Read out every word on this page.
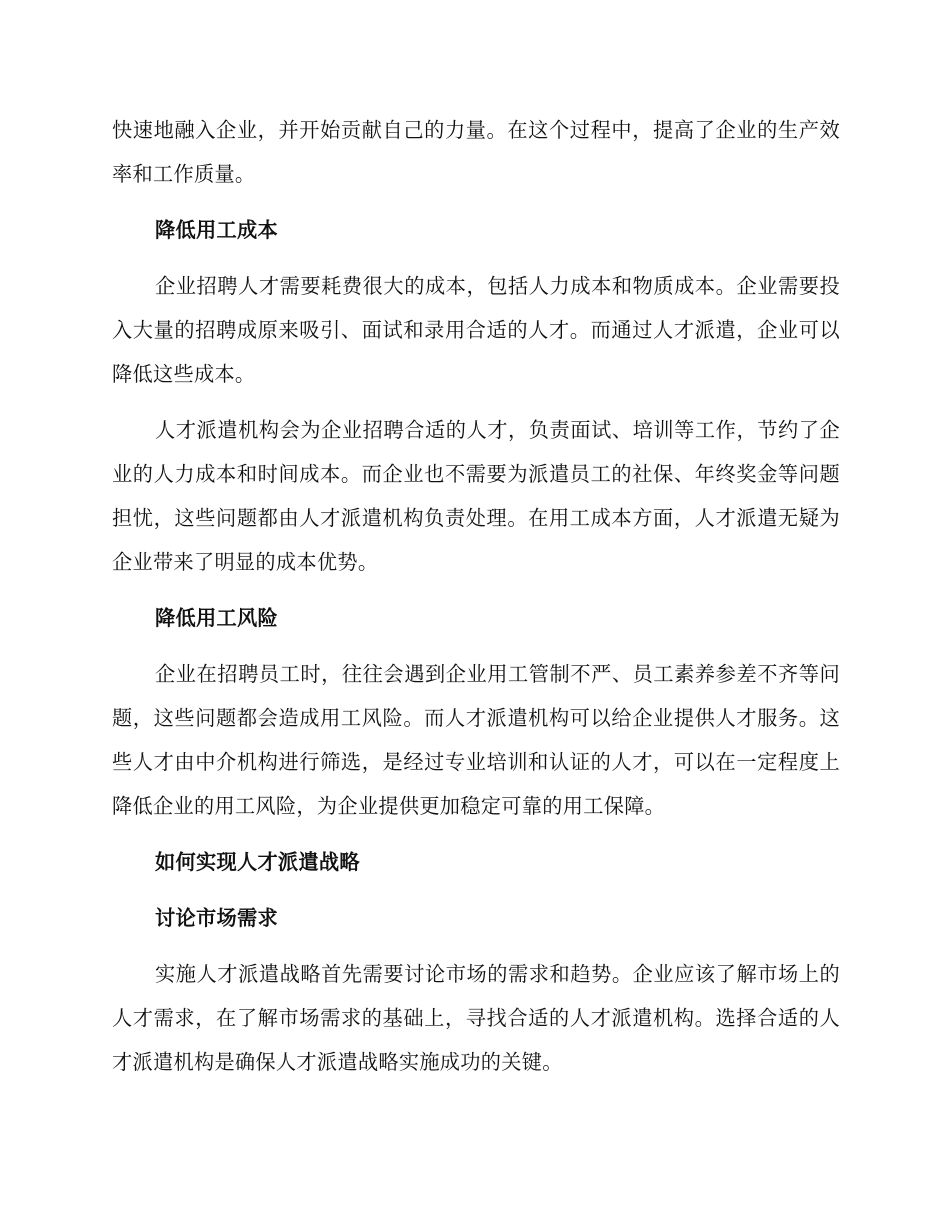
快速地融入企业，并开始贡献自己的力量。在这个过程中，提高了企业的生产效率和工作质量。

降低用工成本

企业招聘人才需要耗费很大的成本，包括人力成本和物质成本。企业需要投入大量的招聘成原来吸引、面试和录用合适的人才。而通过人才派遣，企业可以降低这些成本。

人才派遣机构会为企业招聘合适的人才，负责面试、培训等工作，节约了企业的人力成本和时间成本。而企业也不需要为派遣员工的社保、年终奖金等问题担忧，这些问题都由人才派遣机构负责处理。在用工成本方面，人才派遣无疑为企业带来了明显的成本优势。

降低用工风险

企业在招聘员工时，往往会遇到企业用工管制不严、员工素养参差不齐等问题，这些问题都会造成用工风险。而人才派遣机构可以给企业提供人才服务。这些人才由中介机构进行筛选，是经过专业培训和认证的人才，可以在一定程度上降低企业的用工风险，为企业提供更加稳定可靠的用工保障。

如何实现人才派遣战略

讨论市场需求

实施人才派遣战略首先需要讨论市场的需求和趋势。企业应该了解市场上的人才需求，在了解市场需求的基础上，寻找合适的人才派遣机构。选择合适的人才派遣机构是确保人才派遣战略实施成功的关键。
